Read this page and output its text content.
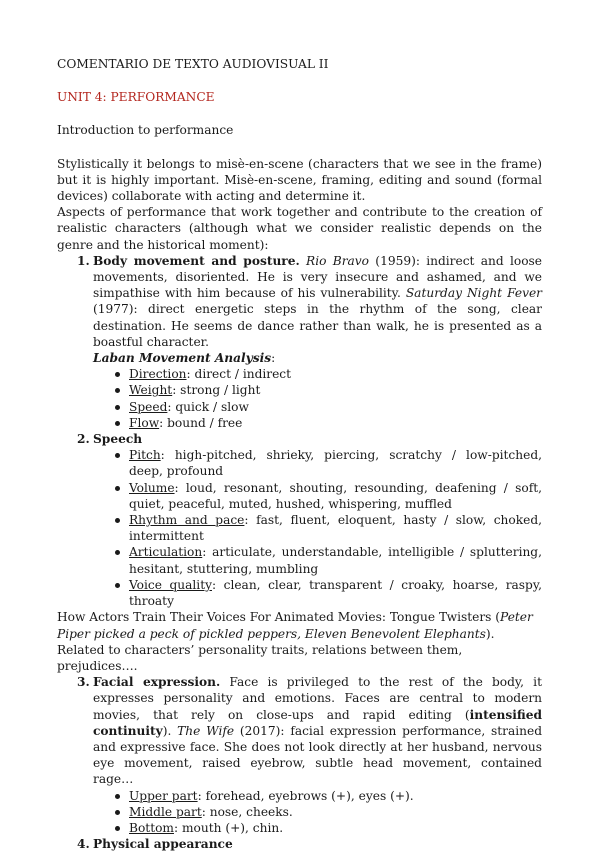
COMENTARIO DE TEXTO AUDIOVISUAL II

UNIT 4: PERFORMANCE

Introduction to performance

Stylistically it belongs to misè-en-scene (characters that we see in the frame) but it is highly important. Misè-en-scene, framing, editing and sound (formal devices) collaborate with acting and determine it.

Aspects of performance that work together and contribute to the creation of realistic characters (although what we consider realistic depends on the genre and the historical moment):

1. Body movement and posture. Rio Bravo (1959): indirect and loose movements, disoriented. He is very insecure and ashamed, and we simpathise with him because of his vulnerability. Saturday Night Fever (1977): direct energetic steps in the rhythm of the song, clear destination. He seems de dance rather than walk, he is presented as a boastful character.

Laban Movement Analysis:

Direction: direct / indirect
Weight: strong / light
Speed: quick / slow
Flow: bound / free
2. Speech

Pitch: high-pitched, shrieky, piercing, scratchy / low-pitched, deep, profound
Volume: loud, resonant, shouting, resounding, deafening / soft, quiet, peaceful, muted, hushed, whispering, muffled
Rhythm and pace: fast, fluent, eloquent, hasty / slow, choked, intermittent
Articulation: articulate, understandable, intelligible / spluttering, hesitant, stuttering, mumbling
Voice quality: clean, clear, transparent / croaky, hoarse, raspy, throaty

How Actors Train Their Voices For Animated Movies: Tongue Twisters (Peter Piper picked a peck of pickled peppers, Eleven Benevolent Elephants).

Related to characters’ personality traits, relations between them, prejudices….

3. Facial expression. Face is privileged to the rest of the body, it expresses personality and emotions. Faces are central to modern movies, that rely on close-ups and rapid editing (intensified continuity). The Wife (2017): facial expression performance, strained and expressive face. She does not look directly at her husband, nervous eye movement, raised eyebrow, subtle head movement, contained rage…

Upper part: forehead, eyebrows (+), eyes (+).
Middle part: nose, cheeks.
Bottom: mouth (+), chin.
4. Physical appearance
